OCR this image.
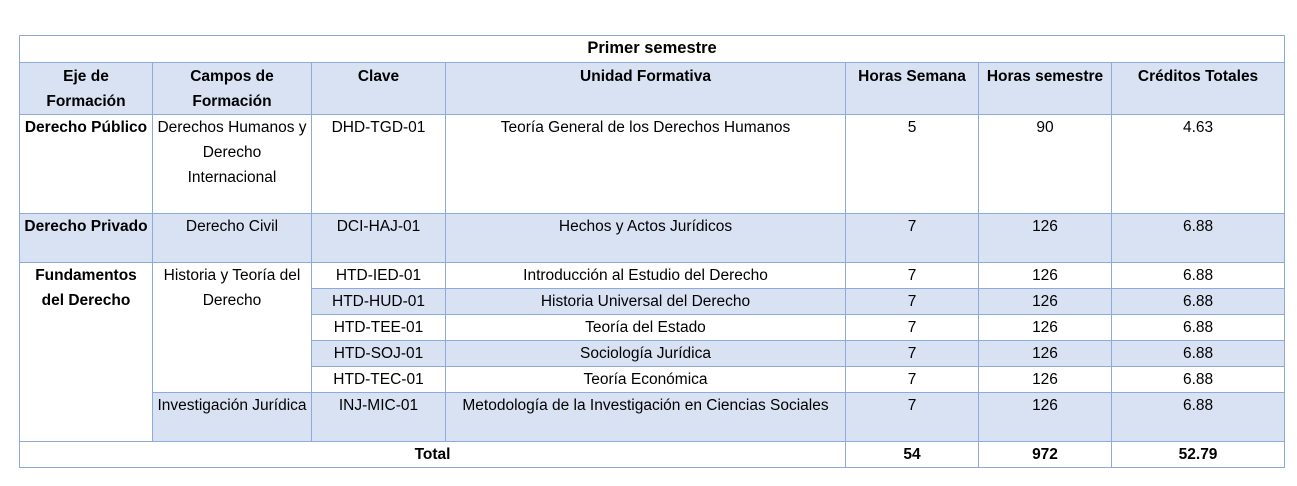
Primer semestre						
Eje de Formación	Campos de Formación	Clave	Unidad Formativa	Horas Semana	Horas semestre	Créditos Totales
Derecho Público	Derechos Humanos y Derecho Internacional	DHD-TGD-01	Teoría General de los Derechos Humanos	5	90	4.63
Derecho Privado	Derecho Civil	DCI-HAJ-01	Hechos y Actos Jurídicos	7	126	6.88
Fundamentos del Derecho	Historia y Teoría del Derecho	HTD-IED-01	Introducción al Estudio del Derecho	7	126	6.88
		HTD-HUD-01	Historia Universal del Derecho	7	126	6.88
		HTD-TEE-01	Teoría del Estado	7	126	6.88
		HTD-SOJ-01	Sociología Jurídica	7	126	6.88
		HTD-TEC-01	Teoría Económica	7	126	6.88
	Investigación Jurídica	INJ-MIC-01	Metodología de la Investigación en Ciencias Sociales	7	126	6.88
Total				54	972	52.79
